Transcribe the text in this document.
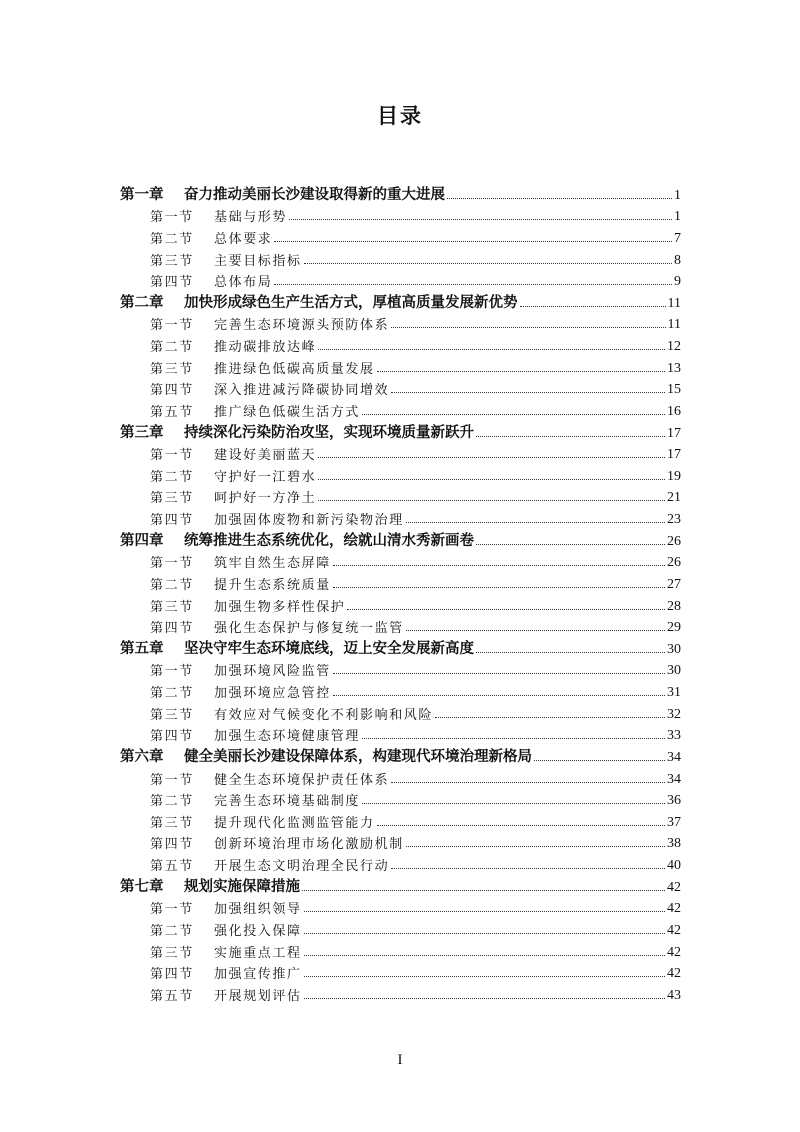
目录
第一章 奋力推动美丽长沙建设取得新的重大进展	1
第一节 基础与形势	1
第二节 总体要求	7
第三节 主要目标指标	8
第四节 总体布局	9
第二章 加快形成绿色生产生活方式，厚植高质量发展新优势	11
第一节 完善生态环境源头预防体系	11
第二节 推动碳排放达峰	12
第三节 推进绿色低碳高质量发展	13
第四节 深入推进减污降碳协同增效	15
第五节 推广绿色低碳生活方式	16
第三章 持续深化污染防治攻坚，实现环境质量新跃升	17
第一节 建设好美丽蓝天	17
第二节 守护好一江碧水	19
第三节 呵护好一方净土	21
第四节 加强固体废物和新污染物治理	23
第四章 统筹推进生态系统优化，绘就山清水秀新画卷	26
第一节 筑牢自然生态屏障	26
第二节 提升生态系统质量	27
第三节 加强生物多样性保护	28
第四节 强化生态保护与修复统一监管	29
第五章 坚决守牢生态环境底线，迈上安全发展新高度	30
第一节 加强环境风险监管	30
第二节 加强环境应急管控	31
第三节 有效应对气候变化不利影响和风险	32
第四节 加强生态环境健康管理	33
第六章 健全美丽长沙建设保障体系，构建现代环境治理新格局	34
第一节 健全生态环境保护责任体系	34
第二节 完善生态环境基础制度	36
第三节 提升现代化监测监管能力	37
第四节 创新环境治理市场化激励机制	38
第五节 开展生态文明治理全民行动	40
第七章 规划实施保障措施	42
第一节 加强组织领导	42
第二节 强化投入保障	42
第三节 实施重点工程	42
第四节 加强宣传推广	42
第五节 开展规划评估	43
I
